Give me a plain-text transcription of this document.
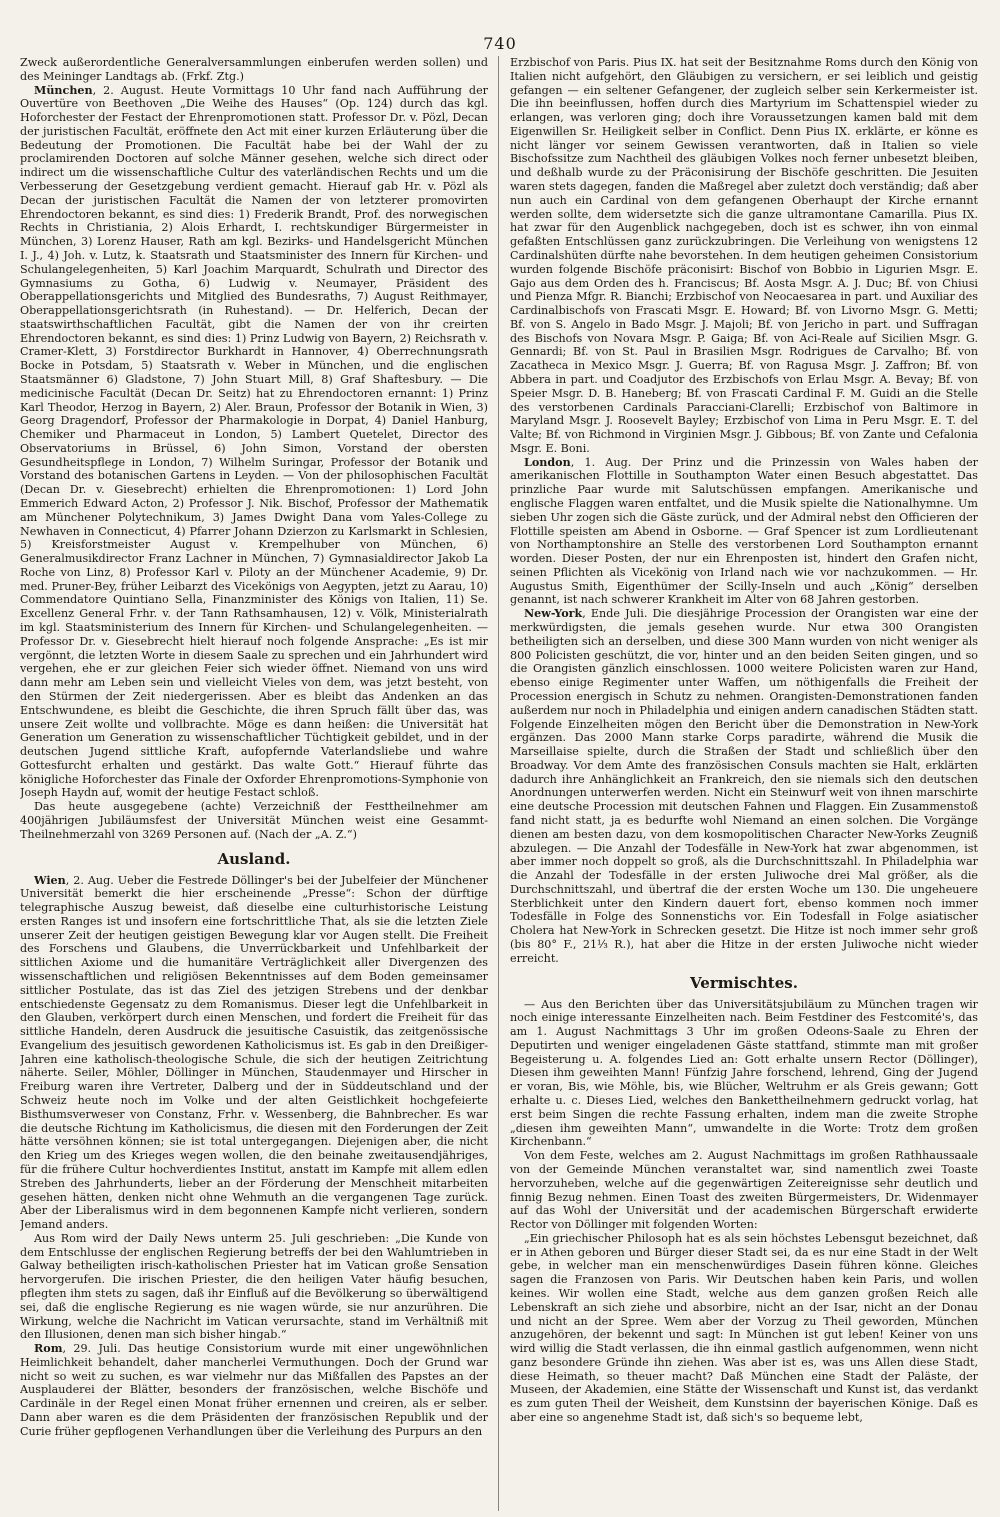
740

Zweck außerordentliche Generalversammlungen einberufen werden sollen) und des Meininger Landtags ab. (Frkf. Ztg.)

München, 2. August. Heute Vormittags 10 Uhr fand nach Aufführung der Ouvertüre von Beethoven „Die Weihe des Hauses“ (Op. 124) durch das kgl. Hoforchester der Festact der Ehrenpromotionen statt. Professor Dr. v. Pözl, Decan der juristischen Facultät, eröffnete den Act mit einer kurzen Erläuterung über die Bedeutung der Promotionen. Die Facultät habe bei der Wahl der zu proclamirenden Doctoren auf solche Männer gesehen, welche sich direct oder indirect um die wissenschaftliche Cultur des vaterländischen Rechts und um die Verbesserung der Gesetzgebung verdient gemacht. Hierauf gab Hr. v. Pözl als Decan der juristischen Facultät die Namen der von letzterer promovirten Ehrendoctoren bekannt, es sind dies: 1) Frederik Brandt, Prof. des norwegischen Rechts in Christiania, 2) Alois Erhardt, I. rechtskundiger Bürgermeister in München, 3) Lorenz Hauser, Rath am kgl. Bezirks- und Handelsgericht München I. J., 4) Joh. v. Lutz, k. Staatsrath und Staatsminister des Innern für Kirchen- und Schulangelegenheiten, 5) Karl Joachim Marquardt, Schulrath und Director des Gymnasiums zu Gotha, 6) Ludwig v. Neumayer, Präsident des Oberappellationsgerichts und Mitglied des Bundesraths, 7) August Reithmayer, Oberappellationsgerichtsrath (in Ruhestand). — Dr. Helferich, Decan der staatswirthschaftlichen Facultät, gibt die Namen der von ihr creirten Ehrendoctoren bekannt, es sind dies: 1) Prinz Ludwig von Bayern, 2) Reichsrath v. Cramer-Klett, 3) Forstdirector Burkhardt in Hannover, 4) Oberrechnungsrath Bocke in Potsdam, 5) Staatsrath v. Weber in München, und die englischen Staatsmänner 6) Gladstone, 7) John Stuart Mill, 8) Graf Shaftesbury. — Die medicinische Facultät (Decan Dr. Seitz) hat zu Ehrendoctoren ernannt: 1) Prinz Karl Theodor, Herzog in Bayern, 2) Aler. Braun, Professor der Botanik in Wien, 3) Georg Dragendorf, Professor der Pharmakologie in Dorpat, 4) Daniel Hanburg, Chemiker und Pharmaceut in London, 5) Lambert Quetelet, Director des Observatoriums in Brüssel, 6) John Simon, Vorstand der obersten Gesundheitspflege in London, 7) Wilhelm Suringar, Professor der Botanik und Vorstand des botanischen Gartens in Leyden. — Von der philosophischen Facultät (Decan Dr. v. Giesebrecht) erhielten die Ehrenpromotionen: 1) Lord John Emmerich Edward Acton, 2) Professor J. Nik. Bischof, Professor der Mathematik am Münchener Polytechnikum, 3) James Dwight Dana vom Yales-College zu Newhaven in Connecticut, 4) Pfarrer Johann Dzierzon zu Karlsmarkt in Schlesien, 5) Kreisforstmeister August v. Krempelhuber von München, 6) Generalmusikdirector Franz Lachner in München, 7) Gymnasialdirector Jakob La Roche von Linz, 8) Professor Karl v. Piloty an der Münchener Academie, 9) Dr. med. Pruner-Bey, früher Leibarzt des Vicekönigs von Aegypten, jetzt zu Aarau, 10) Commendatore Quintiano Sella, Finanzminister des Königs von Italien, 11) Se. Excellenz General Frhr. v. der Tann Rathsamhausen, 12) v. Völk, Ministerialrath im kgl. Staatsministerium des Innern für Kirchen- und Schulangelegenheiten. — Professor Dr. v. Giesebrecht hielt hierauf noch folgende Ansprache: „Es ist mir vergönnt, die letzten Worte in diesem Saale zu sprechen und ein Jahrhundert wird vergehen, ehe er zur gleichen Feier sich wieder öffnet. Niemand von uns wird dann mehr am Leben sein und vielleicht Vieles von dem, was jetzt besteht, von den Stürmen der Zeit niedergerissen. Aber es bleibt das Andenken an das Entschwundene, es bleibt die Geschichte, die ihren Spruch fällt über das, was unsere Zeit wollte und vollbrachte. Möge es dann heißen: die Universität hat Generation um Generation zu wissenschaftlicher Tüchtigkeit gebildet, und in der deutschen Jugend sittliche Kraft, aufopfernde Vaterlandsliebe und wahre Gottesfurcht erhalten und gestärkt. Das walte Gott.“ Hierauf führte das königliche Hoforchester das Finale der Oxforder Ehrenpromotions-Symphonie von Joseph Haydn auf, womit der heutige Festact schloß.

Das heute ausgegebene (achte) Verzeichniß der Festtheilnehmer am 400jährigen Jubiläumsfest der Universität München weist eine Gesammt-Theilnehmerzahl von 3269 Personen auf. (Nach der „A. Z.“)

Ausland.

Wien, 2. Aug. Ueber die Festrede Döllinger's bei der Jubelfeier der Münchener Universität bemerkt die hier erscheinende „Presse“: Schon der dürftige telegraphische Auszug beweist, daß dieselbe eine culturhistorische Leistung ersten Ranges ist und insofern eine fortschrittliche That, als sie die letzten Ziele unserer Zeit der heutigen geistigen Bewegung klar vor Augen stellt. Die Freiheit des Forschens und Glaubens, die Unverrückbarkeit und Unfehlbarkeit der sittlichen Axiome und die humanitäre Verträglichkeit aller Divergenzen des wissenschaftlichen und religiösen Bekenntnisses auf dem Boden gemeinsamer sittlicher Postulate, das ist das Ziel des jetzigen Strebens und der denkbar entschiedenste Gegensatz zu dem Romanismus. Dieser legt die Unfehlbarkeit in den Glauben, verkörpert durch einen Menschen, und fordert die Freiheit für das sittliche Handeln, deren Ausdruck die jesuitische Casuistik, das zeitgenössische Evangelium des jesuitisch gewordenen Katholicismus ist. Es gab in den Dreißiger-Jahren eine katholisch-theologische Schule, die sich der heutigen Zeitrichtung näherte. Seiler, Möhler, Döllinger in München, Staudenmayer und Hirscher in Freiburg waren ihre Vertreter, Dalberg und der in Süddeutschland und der Schweiz heute noch im Volke und der alten Geistlichkeit hochgefeierte Bisthumsverweser von Constanz, Frhr. v. Wessenberg, die Bahnbrecher. Es war die deutsche Richtung im Katholicismus, die diesen mit den Forderungen der Zeit hätte versöhnen können; sie ist total untergegangen. Diejenigen aber, die nicht den Krieg um des Krieges wegen wollen, die den beinahe zweitausendjähriges, für die frühere Cultur hochverdientes Institut, anstatt im Kampfe mit allem edlen Streben des Jahrhunderts, lieber an der Förderung der Menschheit mitarbeiten gesehen hätten, denken nicht ohne Wehmuth an die vergangenen Tage zurück. Aber der Liberalismus wird in dem begonnenen Kampfe nicht verlieren, sondern Jemand anders.

Aus Rom wird der Daily News unterm 25. Juli geschrieben: „Die Kunde von dem Entschlusse der englischen Regierung betreffs der bei den Wahlumtrieben in Galway betheiligten irisch-katholischen Priester hat im Vatican große Sensation hervorgerufen. Die irischen Priester, die den heiligen Vater häufig besuchen, pflegten ihm stets zu sagen, daß ihr Einfluß auf die Bevölkerung so überwältigend sei, daß die englische Regierung es nie wagen würde, sie nur anzurühren. Die Wirkung, welche die Nachricht im Vatican verursachte, stand im Verhältniß mit den Illusionen, denen man sich bisher hingab.“

Rom, 29. Juli. Das heutige Consistorium wurde mit einer ungewöhnlichen Heimlichkeit behandelt, daher mancherlei Vermuthungen. Doch der Grund war nicht so weit zu suchen, es war vielmehr nur das Mißfallen des Papstes an der Ausplauderei der Blätter, besonders der französischen, welche Bischöfe und Cardinäle in der Regel einen Monat früher ernennen und creiren, als er selber. Dann aber waren es die dem Präsidenten der französischen Republik und der Curie früher gepflogenen Verhandlungen über die Verleihung des Purpurs an den

Erzbischof von Paris. Pius IX. hat seit der Besitznahme Roms durch den König von Italien nicht aufgehört, den Gläubigen zu versichern, er sei leiblich und geistig gefangen — ein seltener Gefangener, der zugleich selber sein Kerkermeister ist. Die ihn beeinflussen, hoffen durch dies Martyrium im Schattenspiel wieder zu erlangen, was verloren ging; doch ihre Voraussetzungen kamen bald mit dem Eigenwillen Sr. Heiligkeit selber in Conflict. Denn Pius IX. erklärte, er könne es nicht länger vor seinem Gewissen verantworten, daß in Italien so viele Bischofssitze zum Nachtheil des gläubigen Volkes noch ferner unbesetzt bleiben, und deßhalb wurde zu der Präconisirung der Bischöfe geschritten. Die Jesuiten waren stets dagegen, fanden die Maßregel aber zuletzt doch verständig; daß aber nun auch ein Cardinal von dem gefangenen Oberhaupt der Kirche ernannt werden sollte, dem widersetzte sich die ganze ultramontane Camarilla. Pius IX. hat zwar für den Augenblick nachgegeben, doch ist es schwer, ihn von einmal gefaßten Entschlüssen ganz zurückzubringen. Die Verleihung von wenigstens 12 Cardinalshüten dürfte nahe bevorstehen. In dem heutigen geheimen Consistorium wurden folgende Bischöfe präconisirt: Bischof von Bobbio in Ligurien Msgr. E. Gajo aus dem Orden des h. Franciscus; Bf. Aosta Msgr. A. J. Duc; Bf. von Chiusi und Pienza Mfgr. R. Bianchi; Erzbischof von Neocaesarea in part. und Auxiliar des Cardinalbischofs von Frascati Msgr. E. Howard; Bf. von Livorno Msgr. G. Metti; Bf. von S. Angelo in Bado Msgr. J. Majoli; Bf. von Jericho in part. und Suffragan des Bischofs von Novara Msgr. P. Gaiga; Bf. von Aci-Reale auf Sicilien Msgr. G. Gennardi; Bf. von St. Paul in Brasilien Msgr. Rodrigues de Carvalho; Bf. von Zacatheca in Mexico Msgr. J. Guerra; Bf. von Ragusa Msgr. J. Zaffron; Bf. von Abbera in part. und Coadjutor des Erzbischofs von Erlau Msgr. A. Bevay; Bf. von Speier Msgr. D. B. Haneberg; Bf. von Frascati Cardinal F. M. Guidi an die Stelle des verstorbenen Cardinals Paracciani-Clarelli; Erzbischof von Baltimore in Maryland Msgr. J. Roosevelt Bayley; Erzbischof von Lima in Peru Msgr. E. T. del Valte; Bf. von Richmond in Virginien Msgr. J. Gibbous; Bf. von Zante und Cefalonia Msgr. E. Boni.

London, 1. Aug. Der Prinz und die Prinzessin von Wales haben der amerikanischen Flottille in Southampton Water einen Besuch abgestattet. Das prinzliche Paar wurde mit Salutschüssen empfangen. Amerikanische und englische Flaggen waren entfaltet, und die Musik spielte die Nationalhymne. Um sieben Uhr zogen sich die Gäste zurück, und der Admiral nebst den Officieren der Flottille speisten am Abend in Osborne. — Graf Spencer ist zum Lordlieutenant von Northamptonshire an Stelle des verstorbenen Lord Southampton ernannt worden. Dieser Posten, der nur ein Ehrenposten ist, hindert den Grafen nicht, seinen Pflichten als Vicekönig von Irland nach wie vor nachzukommen. — Hr. Augustus Smith, Eigenthümer der Scilly-Inseln und auch „König“ derselben genannt, ist nach schwerer Krankheit im Alter von 68 Jahren gestorben.

New-York, Ende Juli. Die diesjährige Procession der Orangisten war eine der merkwürdigsten, die jemals gesehen wurde. Nur etwa 300 Orangisten betheiligten sich an derselben, und diese 300 Mann wurden von nicht weniger als 800 Policisten geschützt, die vor, hinter und an den beiden Seiten gingen, und so die Orangisten gänzlich einschlossen. 1000 weitere Policisten waren zur Hand, ebenso einige Regimenter unter Waffen, um nöthigenfalls die Freiheit der Procession energisch in Schutz zu nehmen. Orangisten-Demonstrationen fanden außerdem nur noch in Philadelphia und einigen andern canadischen Städten statt. Folgende Einzelheiten mögen den Bericht über die Demonstration in New-York ergänzen. Das 2000 Mann starke Corps paradirte, während die Musik die Marseillaise spielte, durch die Straßen der Stadt und schließlich über den Broadway. Vor dem Amte des französischen Consuls machten sie Halt, erklärten dadurch ihre Anhänglichkeit an Frankreich, den sie niemals sich den deutschen Anordnungen unterwerfen werden. Nicht ein Steinwurf weit von ihnen marschirte eine deutsche Procession mit deutschen Fahnen und Flaggen. Ein Zusammenstoß fand nicht statt, ja es bedurfte wohl Niemand an einen solchen. Die Vorgänge dienen am besten dazu, von dem kosmopolitischen Character New-Yorks Zeugniß abzulegen. — Die Anzahl der Todesfälle in New-York hat zwar abgenommen, ist aber immer noch doppelt so groß, als die Durchschnittszahl. In Philadelphia war die Anzahl der Todesfälle in der ersten Juliwoche drei Mal größer, als die Durchschnittszahl, und übertraf die der ersten Woche um 130. Die ungeheuere Sterblichkeit unter den Kindern dauert fort, ebenso kommen noch immer Todesfälle in Folge des Sonnenstichs vor. Ein Todesfall in Folge asiatischer Cholera hat New-York in Schrecken gesetzt. Die Hitze ist noch immer sehr groß (bis 80° F., 21⅓ R.), hat aber die Hitze in der ersten Juliwoche nicht wieder erreicht.

Vermischtes.

— Aus den Berichten über das Universitätsjubiläum zu München tragen wir noch einige interessante Einzelheiten nach. Beim Festdiner des Festcomité's, das am 1. August Nachmittags 3 Uhr im großen Odeons-Saale zu Ehren der Deputirten und weniger eingeladenen Gäste stattfand, stimmte man mit großer Begeisterung u. A. folgendes Lied an: Gott erhalte unsern Rector (Döllinger), Diesen ihm geweihten Mann! Fünfzig Jahre forschend, lehrend, Ging der Jugend er voran, Bis, wie Möhle, bis, wie Blücher, Weltruhm er als Greis gewann; Gott erhalte u. c. Dieses Lied, welches den Bankettheilnehmern gedruckt vorlag, hat erst beim Singen die rechte Fassung erhalten, indem man die zweite Strophe „diesen ihm geweihten Mann“, umwandelte in die Worte: Trotz dem großen Kirchenbann.“

Von dem Feste, welches am 2. August Nachmittags im großen Rathhaussaale von der Gemeinde München veranstaltet war, sind namentlich zwei Toaste hervorzuheben, welche auf die gegenwärtigen Zeitereignisse sehr deutlich und finnig Bezug nehmen. Einen Toast des zweiten Bürgermeisters, Dr. Widenmayer auf das Wohl der Universität und der academischen Bürgerschaft erwiderte Rector von Döllinger mit folgenden Worten:

„Ein griechischer Philosoph hat es als sein höchstes Lebensgut bezeichnet, daß er in Athen geboren und Bürger dieser Stadt sei, da es nur eine Stadt in der Welt gebe, in welcher man ein menschenwürdiges Dasein führen könne. Gleiches sagen die Franzosen von Paris. Wir Deutschen haben kein Paris, und wollen keines. Wir wollen eine Stadt, welche aus dem ganzen großen Reich alle Lebenskraft an sich ziehe und absorbire, nicht an der Isar, nicht an der Donau und nicht an der Spree. Wem aber der Vorzug zu Theil geworden, München anzugehören, der bekennt und sagt: In München ist gut leben! Keiner von uns wird willig die Stadt verlassen, die ihn einmal gastlich aufgenommen, wenn nicht ganz besondere Gründe ihn ziehen. Was aber ist es, was uns Allen diese Stadt, diese Heimath, so theuer macht? Daß München eine Stadt der Paläste, der Museen, der Akademien, eine Stätte der Wissenschaft und Kunst ist, das verdankt es zum guten Theil der Weisheit, dem Kunstsinn der bayerischen Könige. Daß es aber eine so angenehme Stadt ist, daß sich's so bequeme lebt,
